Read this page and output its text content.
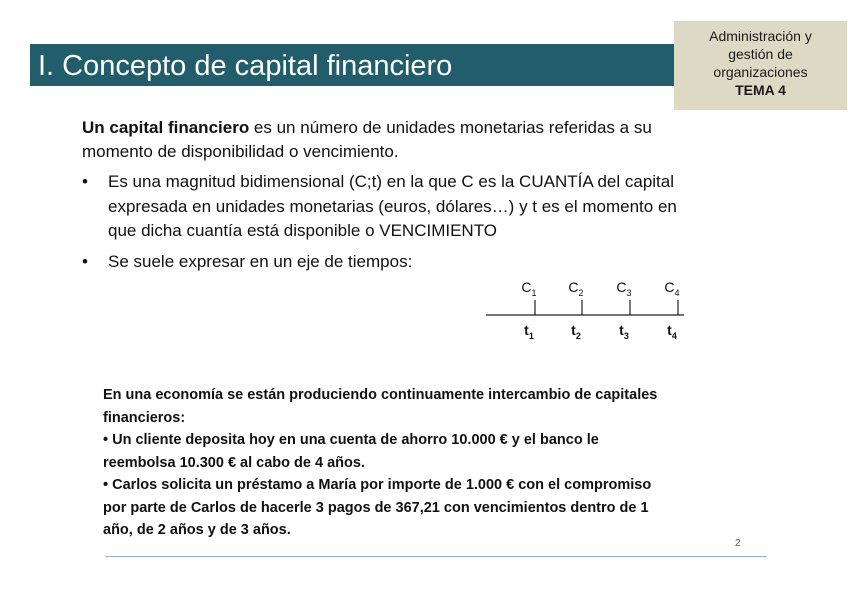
I. Concepto de capital financiero
Administración y
gestión de
organizaciones
TEMA 4
Un capital financiero es un número de unidades monetarias referidas a su momento de disponibilidad o vencimiento.
• Es una magnitud bidimensional (C;t) en la que C es la CUANTÍA del capital expresada en unidades monetarias (euros, dólares…) y t es el momento en que dicha cuantía está disponible o VENCIMIENTO
• Se suele expresar en un eje de tiempos:
$C_1$
$t_1$
$C_2$
$t_2$
$C_3$
$t_3$
$C_4$
$t_4$

En una economía se están produciendo continuamente intercambio de capitales financieros:

• Un cliente deposita hoy en una cuenta de ahorro 10.000 € y el banco le reembolsa 10.300 € al cabo de 4 años.

• Carlos solicita un préstamo a María por importe de 1.000 € con el compromiso por parte de Carlos de hacerle 3 pagos de 367,21 con vencimientos dentro de 1 año, de 2 años y de 3 años.

2
